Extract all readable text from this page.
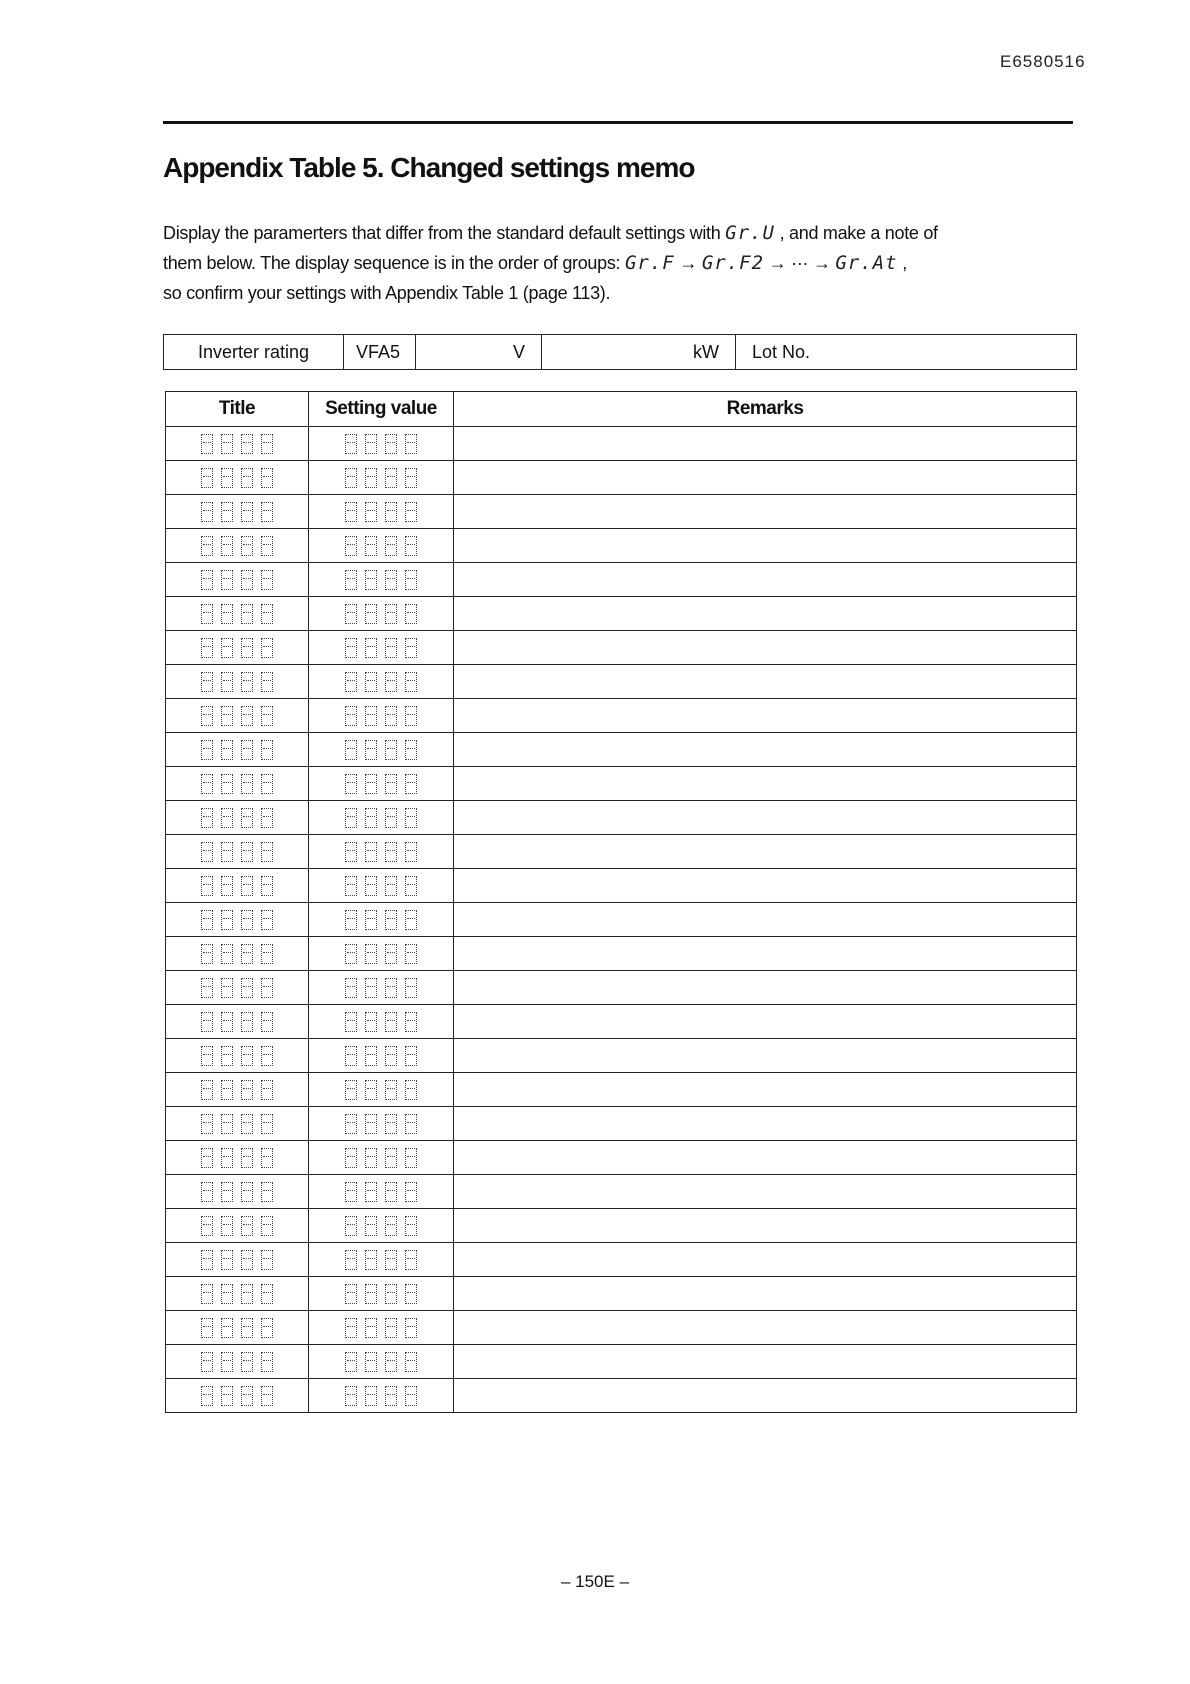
E6580516
Appendix Table 5. Changed settings memo

Display the paramerters that differ from the standard default settings with Gr.U , and make a note of

them below. The display sequence is in the order of groups: Gr.F → Gr.F2 → ··· → Gr.At ,

so confirm your settings with Appendix Table 1 (page 113).

Inverter rating	VFA5	V	kW	Lot No.
Title	Setting value	Remarks

– 150E –
